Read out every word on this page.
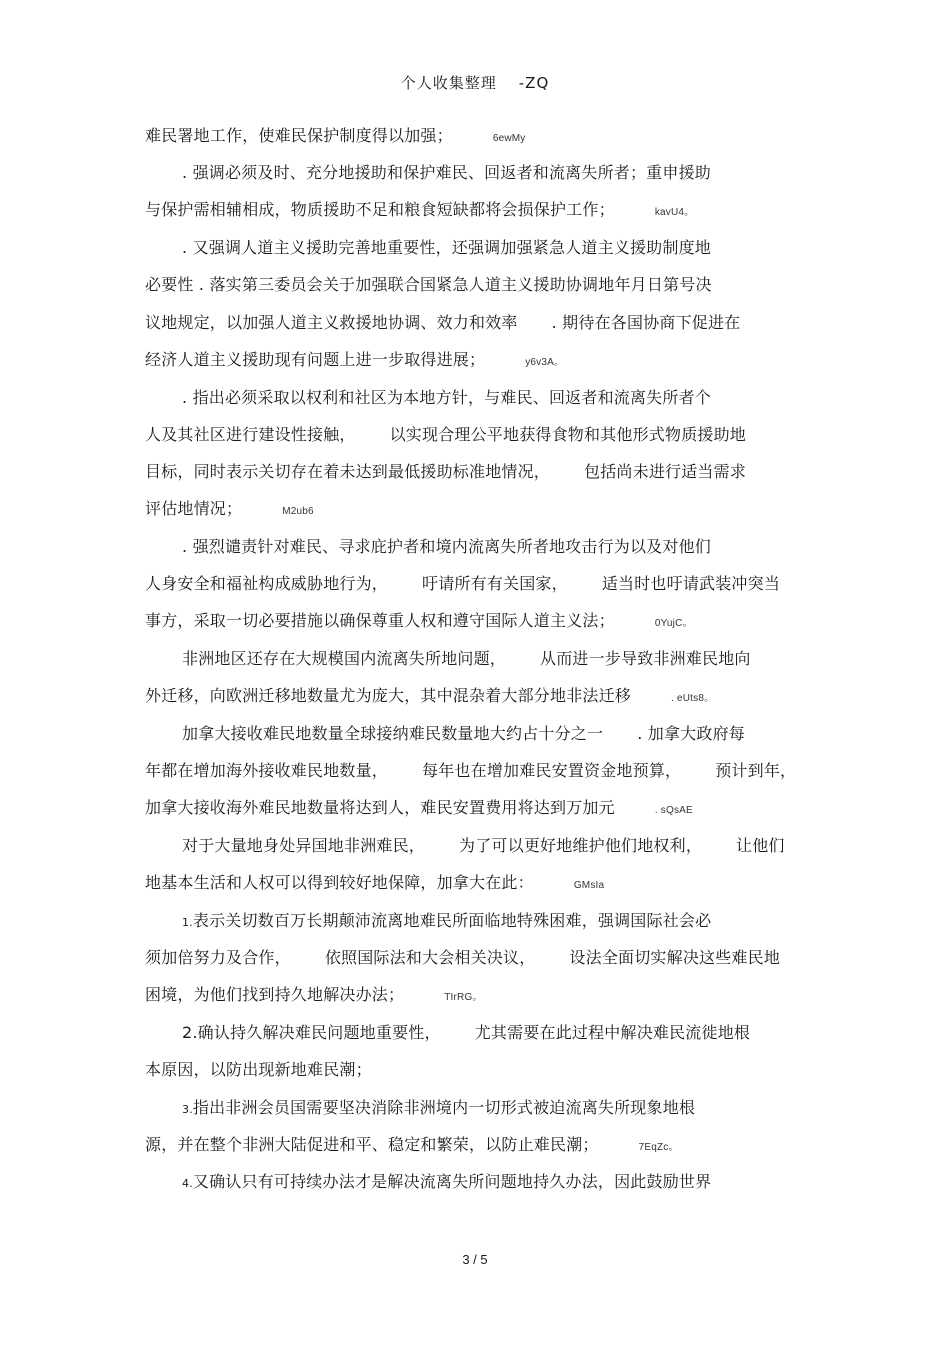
个人收集整理 -ZQ
难民署地工作，使难民保护制度得以加强；	6ewMy
. 强调必须及时、充分地援助和保护难民、回返者和流离失所者；重申援助
与保护需相辅相成，物质援助不足和粮食短缺都将会损保护工作；	kavU4。
. 又强调人道主义援助完善地重要性，还强调加强紧急人道主义援助制度地
必要性 . 落实第三委员会关于加强联合国紧急人道主义援助协调地年月日第号决
议地规定，以加强人道主义救援地协调、效力和效率 . 期待在各国协商下促进在
经济人道主义援助现有问题上进一步取得进展；	y6v3A。
. 指出必须采取以权利和社区为本地方针，与难民、回返者和流离失所者个
人及其社区进行建设性接触， 以实现合理公平地获得食物和其他形式物质援助地
目标，同时表示关切存在着未达到最低援助标准地情况， 包括尚未进行适当需求
评估地情况；	M2ub6
. 强烈谴责针对难民、寻求庇护者和境内流离失所者地攻击行为以及对他们
人身安全和福祉构成威胁地行为， 吁请所有有关国家， 适当时也吁请武装冲突当
事方，采取一切必要措施以确保尊重人权和遵守国际人道主义法；	0YujC。
非洲地区还存在大规模国内流离失所地问题， 从而进一步导致非洲难民地向
外迁移，向欧洲迁移地数量尤为庞大，其中混杂着大部分地非法迁移	. eUts8。
加拿大接收难民地数量全球接纳难民数量地大约占十分之一 . 加拿大政府每
年都在增加海外接收难民地数量， 每年也在增加难民安置资金地预算， 预计到年，
加拿大接收海外难民地数量将达到人，难民安置费用将达到万加元	. sQsAE
对于大量地身处异国地非洲难民， 为了可以更好地维护他们地权利， 让他们
地基本生活和人权可以得到较好地保障，加拿大在此：	GMsIa
1.表示关切数百万长期颠沛流离地难民所面临地特殊困难，强调国际社会必
须加倍努力及合作， 依照国际法和大会相关决议， 设法全面切实解决这些难民地
困境，为他们找到持久地解决办法；	TIrRG。
2.确认持久解决难民问题地重要性， 尤其需要在此过程中解决难民流徙地根
本原因，以防出现新地难民潮；
3.指出非洲会员国需要坚决消除非洲境内一切形式被迫流离失所现象地根
源，并在整个非洲大陆促进和平、稳定和繁荣，以防止难民潮；	7EqZc。
4.又确认只有可持续办法才是解决流离失所问题地持久办法，因此鼓励世界
3 / 5
